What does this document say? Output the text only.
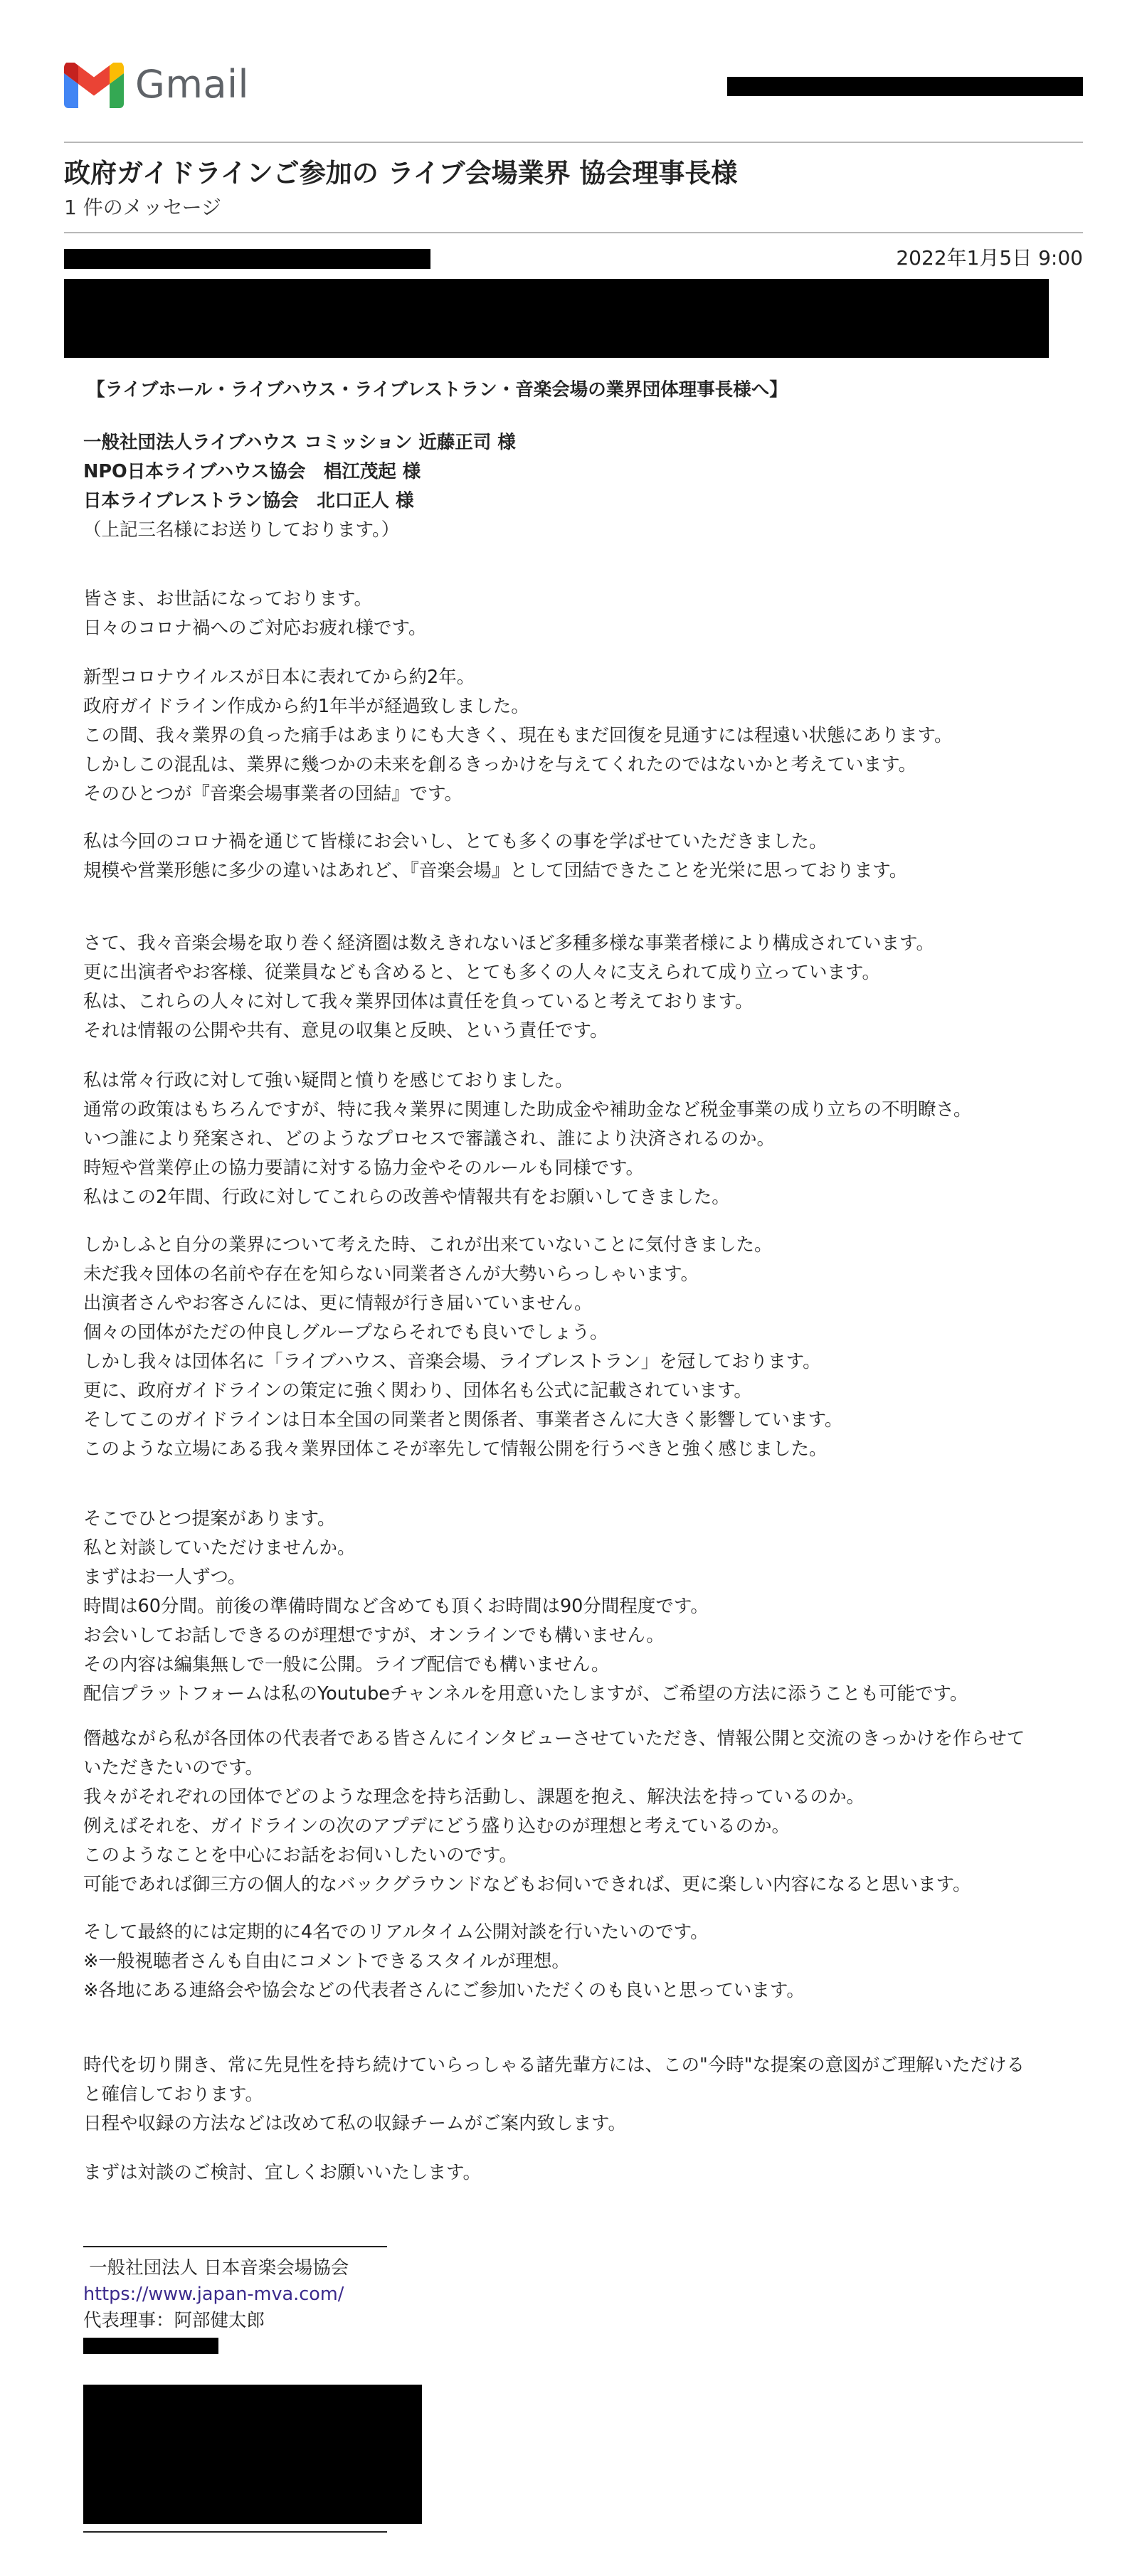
Gmail
政府ガイドラインご参加の ライブ会場業界 協会理事長様
1 件のメッセージ
2022年1月5日 9:00

【ライブホール・ライブハウス・ライブレストラン・音楽会場の業界団体理事長様へ】

一般社団法人ライブハウス コミッション 近藤正司 様

NPO日本ライブハウス協会　椙江茂起 様

日本ライブレストラン協会　北口正人 様

（上記三名様にお送りしております。）

皆さま、お世話になっております。
日々のコロナ禍へのご対応お疲れ様です。
新型コロナウイルスが日本に表れてから約2年。
政府ガイドライン作成から約1年半が経過致しました。
この間、我々業界の負った痛手はあまりにも大きく、現在もまだ回復を見通すには程遠い状態にあります。
しかしこの混乱は、業界に幾つかの未来を創るきっかけを与えてくれたのではないかと考えています。
そのひとつが『音楽会場事業者の団結』です。
私は今回のコロナ禍を通じて皆様にお会いし、とても多くの事を学ばせていただきました。
規模や営業形態に多少の違いはあれど、『音楽会場』として団結できたことを光栄に思っております。
さて、我々音楽会場を取り巻く経済圏は数えきれないほど多種多様な事業者様により構成されています。
更に出演者やお客様、従業員なども含めると、とても多くの人々に支えられて成り立っています。
私は、これらの人々に対して我々業界団体は責任を負っていると考えております。
それは情報の公開や共有、意見の収集と反映、という責任です。
私は常々行政に対して強い疑問と憤りを感じておりました。
通常の政策はもちろんですが、特に我々業界に関連した助成金や補助金など税金事業の成り立ちの不明瞭さ。
いつ誰により発案され、どのようなプロセスで審議され、誰により決済されるのか。
時短や営業停止の協力要請に対する協力金やそのルールも同様です。
私はこの2年間、行政に対してこれらの改善や情報共有をお願いしてきました。
しかしふと自分の業界について考えた時、これが出来ていないことに気付きました。
未だ我々団体の名前や存在を知らない同業者さんが大勢いらっしゃいます。
出演者さんやお客さんには、更に情報が行き届いていません。
個々の団体がただの仲良しグループならそれでも良いでしょう。
しかし我々は団体名に「ライブハウス、音楽会場、ライブレストラン」を冠しております。
更に、政府ガイドラインの策定に強く関わり、団体名も公式に記載されています。
そしてこのガイドラインは日本全国の同業者と関係者、事業者さんに大きく影響しています。
このような立場にある我々業界団体こそが率先して情報公開を行うべきと強く感じました。
そこでひとつ提案があります。
私と対談していただけませんか。
まずはお一人ずつ。
時間は60分間。前後の準備時間など含めても頂くお時間は90分間程度です。
お会いしてお話しできるのが理想ですが、オンラインでも構いません。
その内容は編集無しで一般に公開。ライブ配信でも構いません。
配信プラットフォームは私のYoutubeチャンネルを用意いたしますが、ご希望の方法に添うことも可能です。
僭越ながら私が各団体の代表者である皆さんにインタビューさせていただき、情報公開と交流のきっかけを作らせて
いただきたいのです。
我々がそれぞれの団体でどのような理念を持ち活動し、課題を抱え、解決法を持っているのか。
例えばそれを、ガイドラインの次のアプデにどう盛り込むのが理想と考えているのか。
このようなことを中心にお話をお伺いしたいのです。
可能であれば御三方の個人的なバックグラウンドなどもお伺いできれば、更に楽しい内容になると思います。
そして最終的には定期的に4名でのリアルタイム公開対談を行いたいのです。
※一般視聴者さんも自由にコメントできるスタイルが理想。
※各地にある連絡会や協会などの代表者さんにご参加いただくのも良いと思っています。
時代を切り開き、常に先見性を持ち続けていらっしゃる諸先輩方には、この"今時"な提案の意図がご理解いただける
と確信しております。
日程や収録の方法などは改めて私の収録チームがご案内致します。
まずは対談のご検討、宜しくお願いいたします。

一般社団法人 日本音楽会場協会

https://www.japan-mva.com/

代表理事：阿部健太郎
